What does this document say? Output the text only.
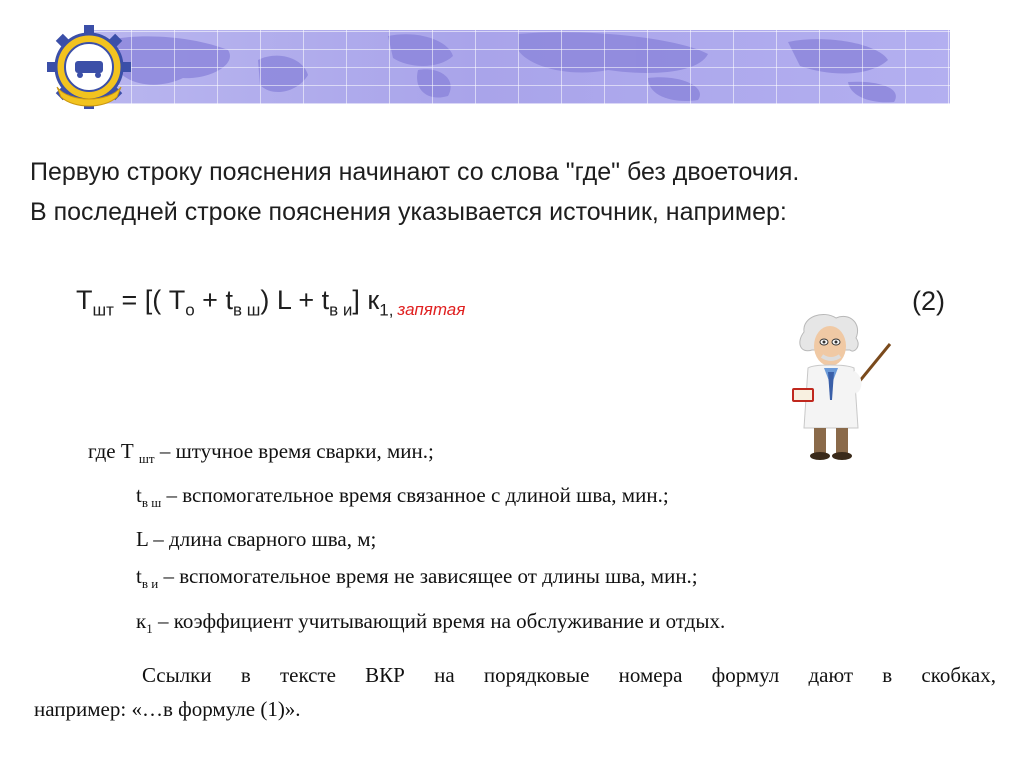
Первую строку пояснения начинают со слова "где" без двоеточия.

В последней строке пояснения указывается источник, например:

$Т_{шт}$ = [( $Т_о + t_{в ш}$) $L + t_{в и}$] $к_{1,}$ $_{запятая}$	(2)
где Т $_{шт}$ – штучное время сварки, мин.;
$t_{в ш}$ – вспомогательное время связанное с длиной шва, мин.;
L – длина сварного шва, м;
$t_{в и}$ – вспомогательное время не зависящее от длины шва, мин.;
$к_1$ – коэффициент учитывающий время на обслуживание и отдых.
Ссылки в тексте ВКР на порядковые номера формул дают в скобках,
например: «…в формуле (1)».
